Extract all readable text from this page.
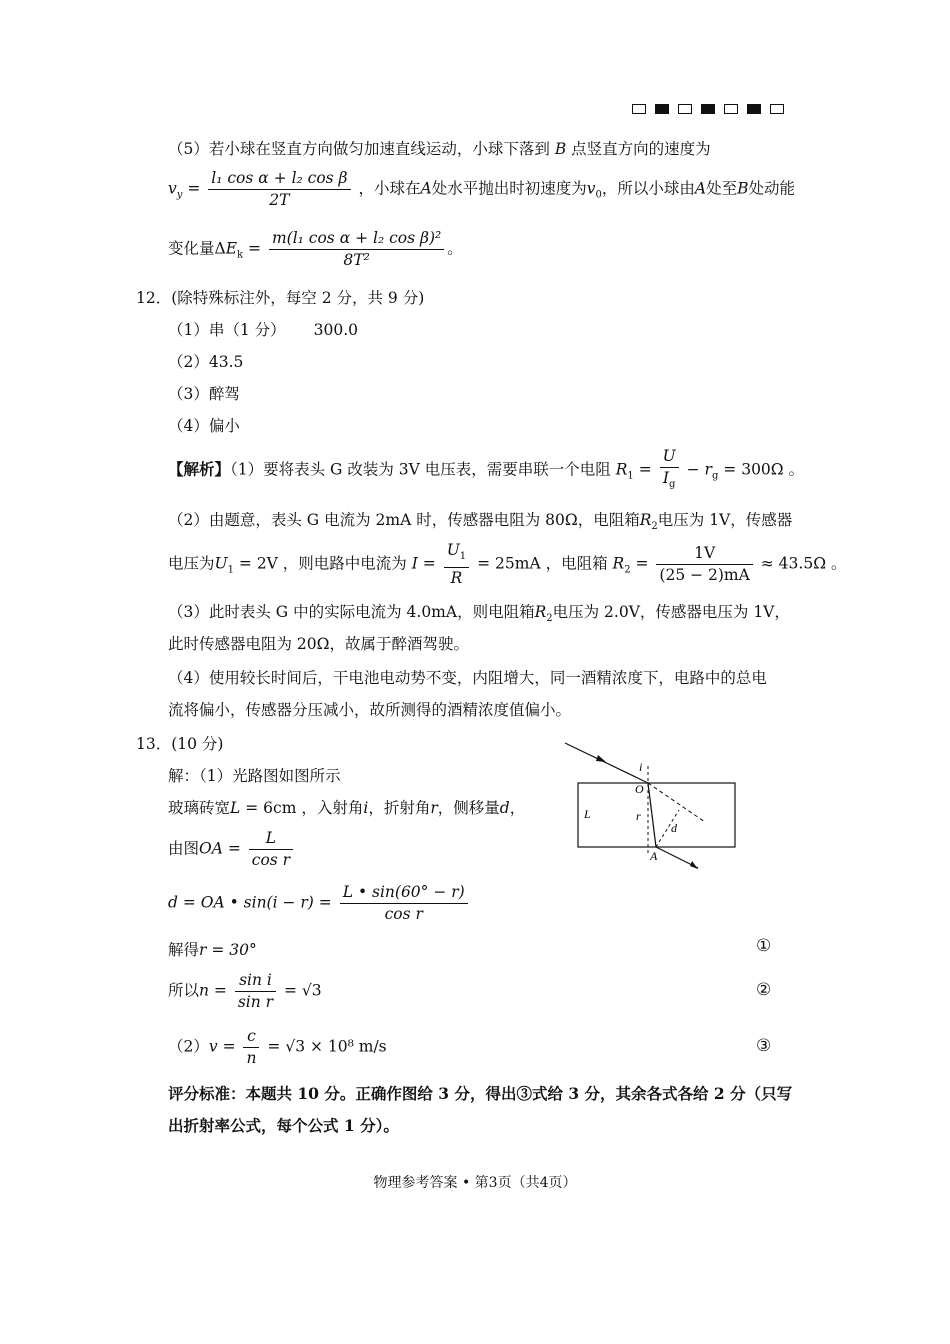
（5）若小球在竖直方向做匀加速直线运动，小球下落到 B 点竖直方向的速度为
$v_y = \frac{\text{l₁ cos α + l₂ cos β}}{2T}$ ，小球在A处水平抛出时初速度为$v_0$，所以小球由A处至B处动能
变化量$\Delta E_k = \frac{\text{m(l₁ cos α + l₂ cos β)²}}{\text{8T²}}$ 。
12．(除特殊标注外，每空 2 分，共 9 分)
（1）串（1 分） 300.0
（2）43.5
（3）醉驾
（4）偏小
【解析】（1）要将表头 G 改装为 3V 电压表，需要串联一个电阻 $R_1 = \frac{U}{I_g} - r_g = 300\Omega$ 。
（2）由题意，表头 G 电流为 2mA 时，传感器电阻为 80Ω，电阻箱$R_2$电压为 1V，传感器
电压为$U_1 = 2V$ ，则电路中电流为 $I = \frac{U_1}{R} = 25mA$ ，电阻箱 $R_2 = \frac{1V}{(25 - 2)mA} \approx 43.5\Omega$ 。
（3）此时表头 G 中的实际电流为 4.0mA，则电阻箱$R_2$电压为 2.0V，传感器电压为 1V，
此时传感器电阻为 20Ω，故属于醉酒驾驶。
（4）使用较长时间后，干电池电动势不变，内阻增大，同一酒精浓度下，电路中的总电
流将偏小，传感器分压减小，故所测得的酒精浓度值偏小。
13．(10 分)
解：（1）光路图如图所示
玻璃砖宽L = 6cm ，入射角i，折射角r，侧移量d，
由图OA = $\frac{L}{\text{cos r}}$
d = OA • $\sin(i - r) = \frac{L • \sin(60^\circ - r)}{\text{cos r}}$
解得r = 30°	①
所以$n = \frac{\text{sin i}}{\text{sin r}} = √3$	②
$(2)v = \frac{c}{n} = √3 \times 10^8$ m/s	③
评分标准：本题共 10 分。正确作图给 3 分，得出③式给 3 分，其余各式各给 2 分（只写
出折射率公式，每个公式 1 分）。
i
O
L	r
d
A
物理参考答案 • 第3页（共4页）
